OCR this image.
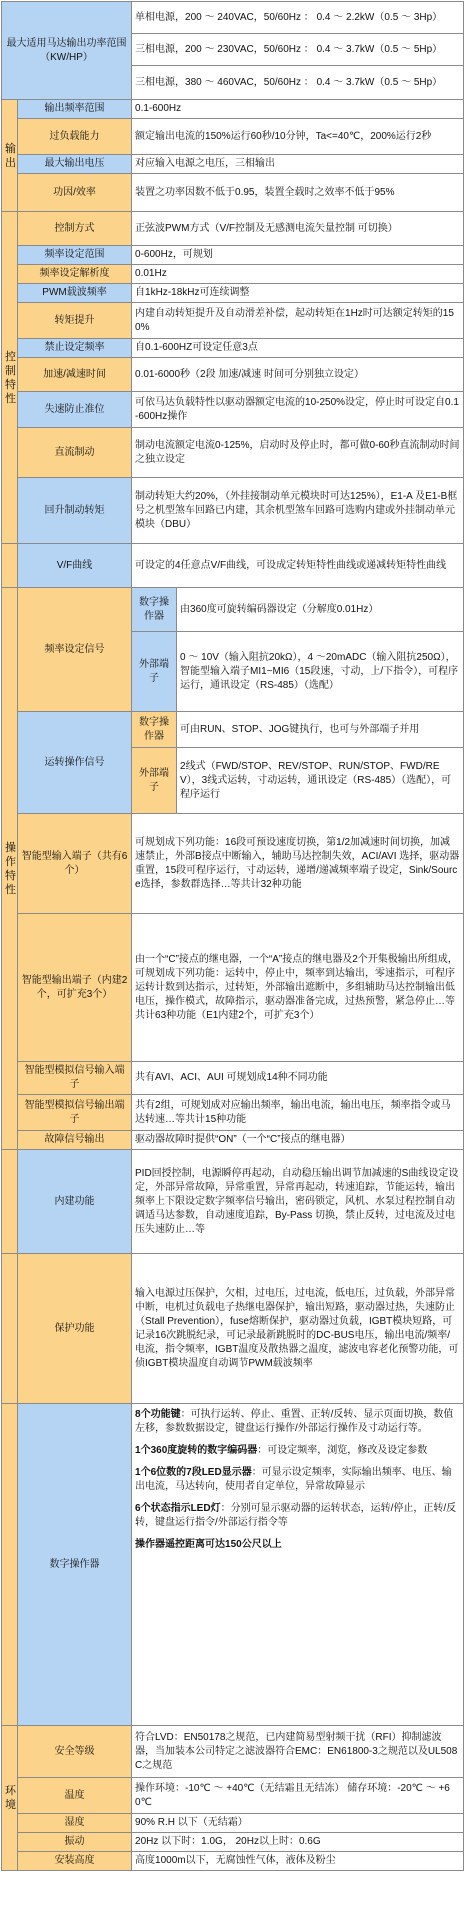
最大适用马达输出功率范围（KW/HP）		单相电源，200 ～ 240VAC，50/60Hz ： 0.4 ～ 2.2kW（0.5 ～ 3Hp）	
		三相电源，200 ～ 230VAC，50/60Hz ： 0.4 ～ 3.7kW（0.5 ～ 5Hp）	
		三相电源，380 ～ 460VAC，50/60Hz ： 0.4 ～ 3.7kW（0.5 ～ 5Hp）	
输出	输出频率范围	0.1-600Hz	
	过负载能力	额定输出电流的150%运行60秒/10分钟，Ta<=40℃，200%运行2秒	
	最大输出电压	对应输入电源之电压，三相输出	
	功因/效率	装置之功率因数不低于0.95，装置全载时之效率不低于95%	
控制特性	控制方式	正弦波PWM方式（V/F控制及无感测电流矢量控制 可切换）	
	频率设定范围	0-600Hz，可规划	
	频率设定解析度	0.01Hz	
	PWM载波频率	自1kHz-18kHz可连续调整	
	转矩提升	内建自动转矩提升及自动滑差补偿，起动转矩在1Hz时可达额定转矩的150%	
	禁止设定频率	自0.1-600HZ可设定任意3点	
	加速/减速时间	0.01-6000秒（2段 加速/减速 时间可分别独立设定）	
	失速防止准位	可依马达负载特性以驱动器额定电流的10-250%设定，停止时可设定自0.1-600Hz操作	
	直流制动	制动电流额定电流0-125%，启动时及停止时，都可做0-60秒直流制动时间之独立设定	
	回升制动转矩	制动转矩大约20%，（外挂接制动单元模块时可达125%），E1-A 及E1-B框号之机型煞车回路已内建，其余机型煞车回路可选购内建或外挂制动单元模块（DBU）	
	V/F曲线	可设定的4任意点V/F曲线，可设成定转矩特性曲线或递减转矩特性曲线	
操作特性	频率设定信号	数字操作器	由360度可旋转编码器设定（分解度0.01Hz）
		外部端子	0 ～ 10V（输入阻抗20kΩ），4 ～20mADC（输入阻抗250Ω），智能型输入端子MI1~MI6（15段速，寸动，上/下指令），可程序运行，通讯设定（RS-485）（选配）
	运转操作信号	数字操作器	可由RUN、STOP、JOG键执行，也可与外部端子并用
		外部端子	2线式（FWD/STOP、REV/STOP、RUN/STOP、FWD/REV），3线式运转，寸动运转，通讯设定（RS-485）（选配），可程序运行
	智能型输入端子（共有6 个）	可规划成下列功能：16段可预设速度切换，第1/2加减速时间切换，加减速禁止，外部B接点中断输入，辅助马达控制失效，ACI/AVI 选择，驱动器重置，15段可程序运行，寸动运转，递增/递减频率端子设定，Sink/Source选择，参数群选择…等共计32种功能	
	智能型输出端子（内建2个，可扩充3个）	由一个“C”接点的继电器，一个“A”接点的继电器及2个开集极输出所组成，可规划成下列功能：运转中，停止中，频率到达输出，零速指示，可程序运转计数到达指示，过转矩，外部输出遮断中，多组辅助马达控制输出低电压，操作模式，故障指示，驱动器准备完成，过热预警，紧急停止…等共计63种功能（E1内建2个，可扩充3个）	
	智能型模拟信号输入端子	共有AVI、ACI、AUI 可规划成14种不同功能	
	智能型模拟信号输出端子	共有2组，可规划成对应输出频率，输出电流，输出电压，频率指令或马达转速…等共计15种功能	
	故障信号输出	驱动器故障时提供“ON”（一个“C”接点的继电器）	
	内建功能	PID回授控制，电源瞬停再起动，自动稳压输出调节加减速的S曲线设定设定，外部异常故障，异常重置，异常再起动，转速追踪，节能运转，输出频率上下限设定数字频率信号输出，密码锁定，风机、水泵过程控制自动调适马达参数，自动速度追踪，By-Pass 切换，禁止反转，过电流及过电压失速防止…等	
	保护功能	输入电源过压保护，欠相，过电压，过电流，低电压，过负载，外部异常中断，电机过负载电子热继电器保护，输出短路，驱动器过热，失速防止（Stall Prevention），fuse熔断保护，驱动器过负载，IGBT模块短路，可记录16次跳脱纪录，可记录最新跳脱时的DC-BUS电压，输出电流/频率/电流，指令频率，IGBT温度及散热器之温度，滤波电容老化预警功能，可侦IGBT模块温度自动调节PWM载波频率	
	数字操作器	8个功能键：可执行运转、停止、重置、正转/反转、显示页面切换，数值左移，参数数据设定，键盘运行操作/外部运行操作及寸动运行等。
1个360度旋转的数字编码器：可设定频率，浏览，修改及设定参数
1个6位数的7段LED显示器：可显示设定频率，实际输出频率、电压、输出电流，马达转向，使用者自定单位，异常故障显示
6个状态指示LED灯：分别可显示驱动器的运转状态，运转/停止，正转/反转，键盘运行指令/外部运行指令等
操作器遥控距离可达150公尺以上	

环境	安全等级	符合LVD：EN50178之规范，已内建简易型射频干扰（RFI）抑制滤波器，当加装本公司特定之滤波器符合EMC：EN61800-3之规范以及UL508C之规范	
	温度	操作环境：-10℃ ～ +40℃（无结霜且无结冻） 储存环境：-20℃ ～ +60℃	
	湿度	90% R.H 以下（无结霜）	
	振动	20Hz 以下时：1.0G， 20Hz以上时：0.6G	
	安装高度	高度1000m以下，无腐蚀性气体，液体及粉尘	
